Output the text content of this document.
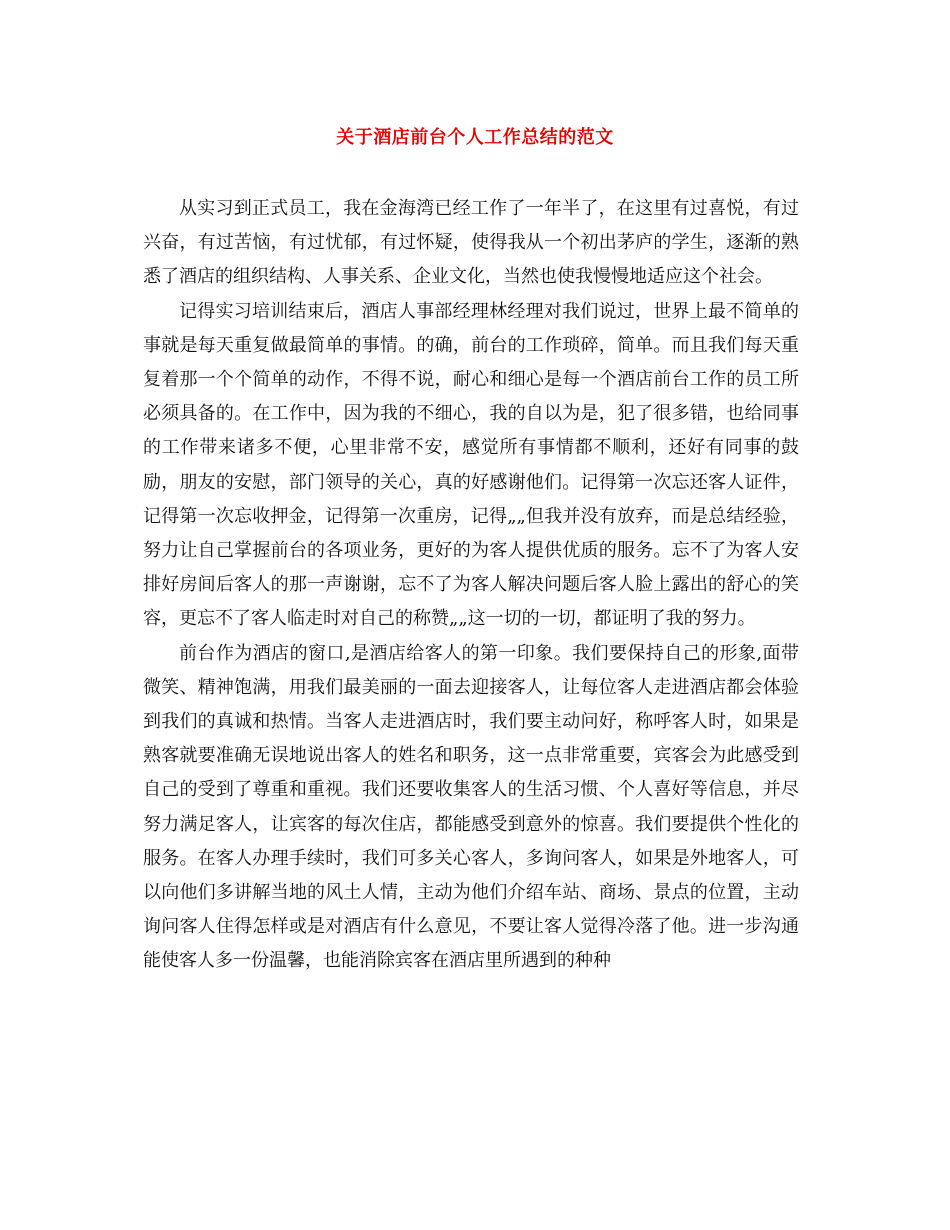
关于酒店前台个人工作总结的范文

从实习到正式员工，我在金海湾已经工作了一年半了，在这里有过喜悦，有过兴奋，有过苦恼，有过忧郁，有过怀疑，使得我从一个初出茅庐的学生，逐渐的熟悉了酒店的组织结构、人事关系、企业文化，当然也使我慢慢地适应这个社会。

记得实习培训结束后，酒店人事部经理林经理对我们说过，世界上最不简单的事就是每天重复做最简单的事情。的确，前台的工作琐碎，简单。而且我们每天重复着那一个个简单的动作，不得不说，耐心和细心是每一个酒店前台工作的员工所必须具备的。在工作中，因为我的不细心，我的自以为是，犯了很多错，也给同事的工作带来诸多不便，心里非常不安，感觉所有事情都不顺利，还好有同事的鼓励，朋友的安慰，部门领导的关心，真的好感谢他们。记得第一次忘还客人证件，记得第一次忘收押金，记得第一次重房，记得„„但我并没有放弃，而是总结经验，努力让自己掌握前台的各项业务，更好的为客人提供优质的服务。忘不了为客人安排好房间后客人的那一声谢谢，忘不了为客人解决问题后客人脸上露出的舒心的笑容，更忘不了客人临走时对自己的称赞„„这一切的一切，都证明了我的努力。

前台作为酒店的窗口,是酒店给客人的第一印象。我们要保持自己的形象,面带微笑、精神饱满，用我们最美丽的一面去迎接客人，让每位客人走进酒店都会体验到我们的真诚和热情。当客人走进酒店时，我们要主动问好，称呼客人时，如果是熟客就要准确无误地说出客人的姓名和职务，这一点非常重要，宾客会为此感受到自己的受到了尊重和重视。我们还要收集客人的生活习惯、个人喜好等信息，并尽努力满足客人，让宾客的每次住店，都能感受到意外的惊喜。我们要提供个性化的服务。在客人办理手续时，我们可多关心客人，多询问客人，如果是外地客人，可以向他们多讲解当地的风土人情，主动为他们介绍车站、商场、景点的位置，主动询问客人住得怎样或是对酒店有什么意见，不要让客人觉得冷落了他。进一步沟通能使客人多一份温馨，也能消除宾客在酒店里所遇到的种种
